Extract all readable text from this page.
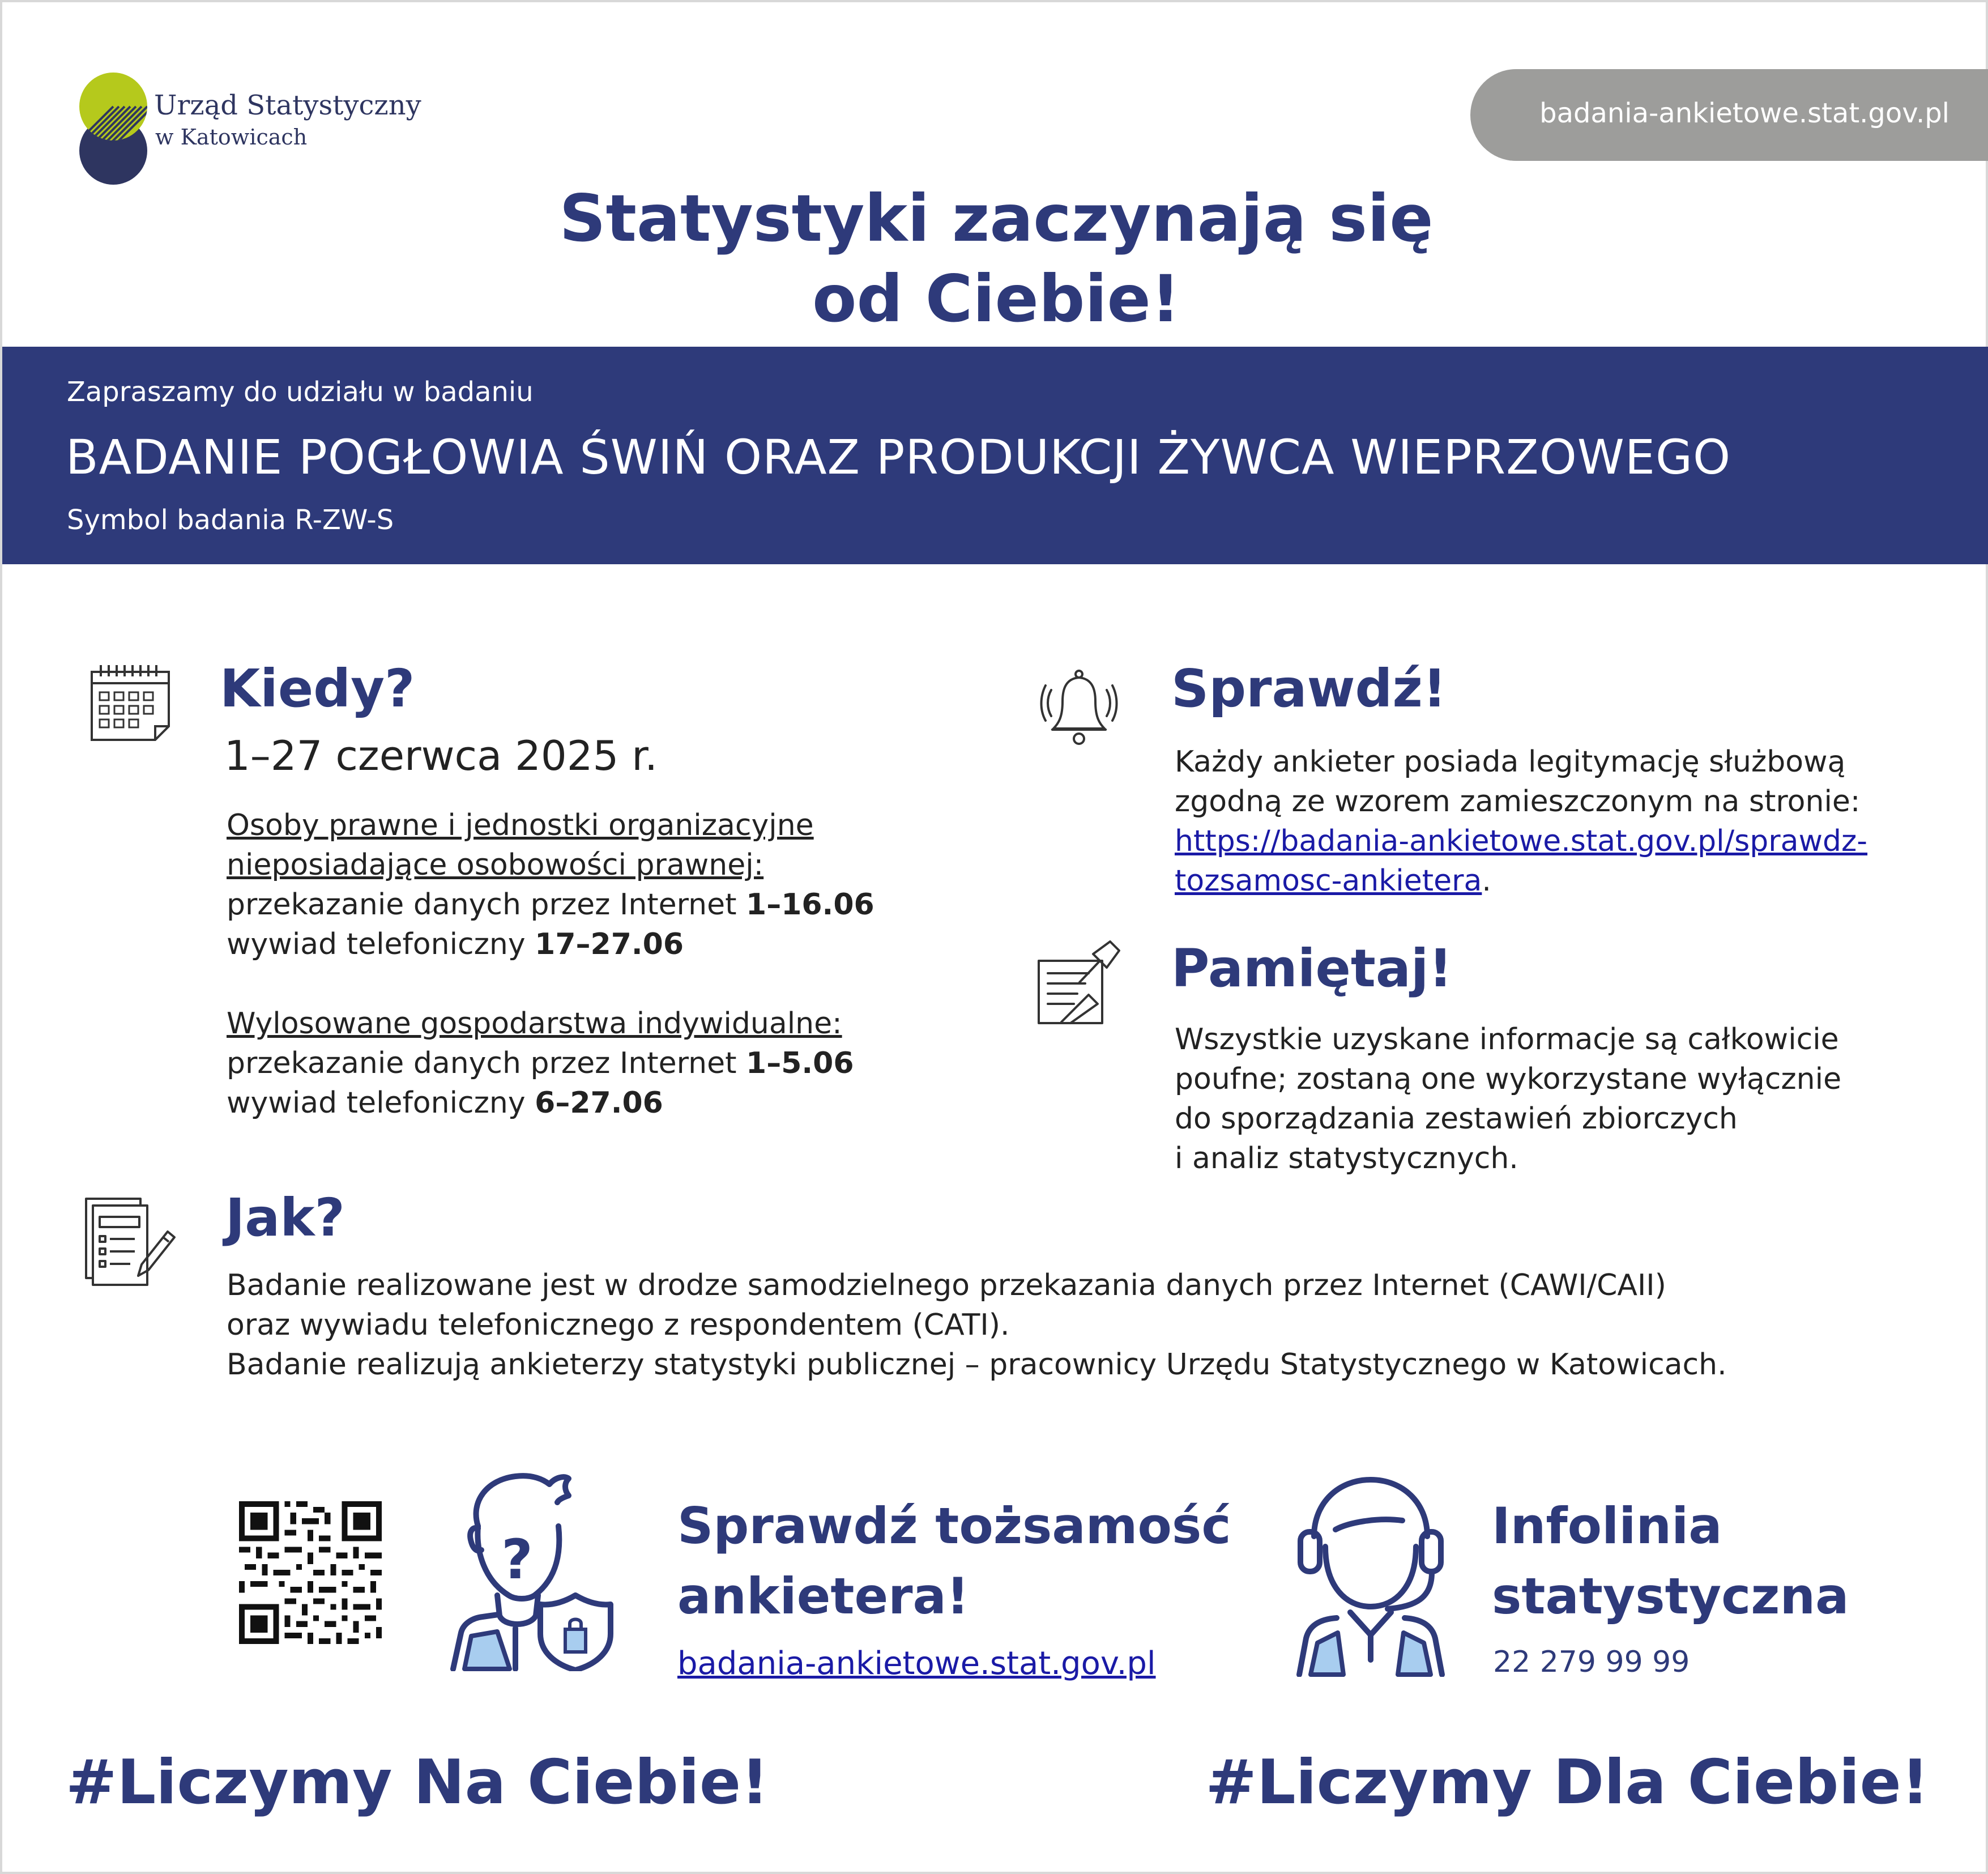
Urząd Statystyczny
w Katowicach
badania-ankietowe.stat.gov.pl
Statystyki zaczynają się
od Ciebie!
Zapraszamy do udziału w badaniu
BADANIE POGŁOWIA ŚWIŃ ORAZ PRODUKCJI ŻYWCA WIEPRZOWEGO
Symbol badania R-ZW-S
Kiedy?
1–27 czerwca 2025 r.
Osoby prawne i jednostki organizacyjne
nieposiadające osobowości prawnej:
przekazanie danych przez Internet 1–16.06
wywiad telefoniczny 17–27.06
Wylosowane gospodarstwa indywidualne:
przekazanie danych przez Internet 1–5.06
wywiad telefoniczny 6–27.06
Sprawdź!
Każdy ankieter posiada legitymację służbową
zgodną ze wzorem zamieszczonym na stronie:
https://badania-ankietowe.stat.gov.pl/sprawdz-
tozsamosc-ankietera.
Pamiętaj!
Wszystkie uzyskane informacje są całkowicie
poufne; zostaną one wykorzystane wyłącznie
do sporządzania zestawień zbiorczych
i analiz statystycznych.
Jak?
Badanie realizowane jest w drodze samodzielnego przekazania danych przez Internet (CAWI/CAII)
oraz wywiadu telefonicznego z respondentem (CATI).
Badanie realizują ankieterzy statystyki publicznej – pracownicy Urzędu Statystycznego w Katowicach.
?
Sprawdź tożsamość
ankietera!
badania-ankietowe.stat.gov.pl
Infolinia
statystyczna
22 279 99 99
#Liczymy Na Ciebie!	#Liczymy Dla Ciebie!
